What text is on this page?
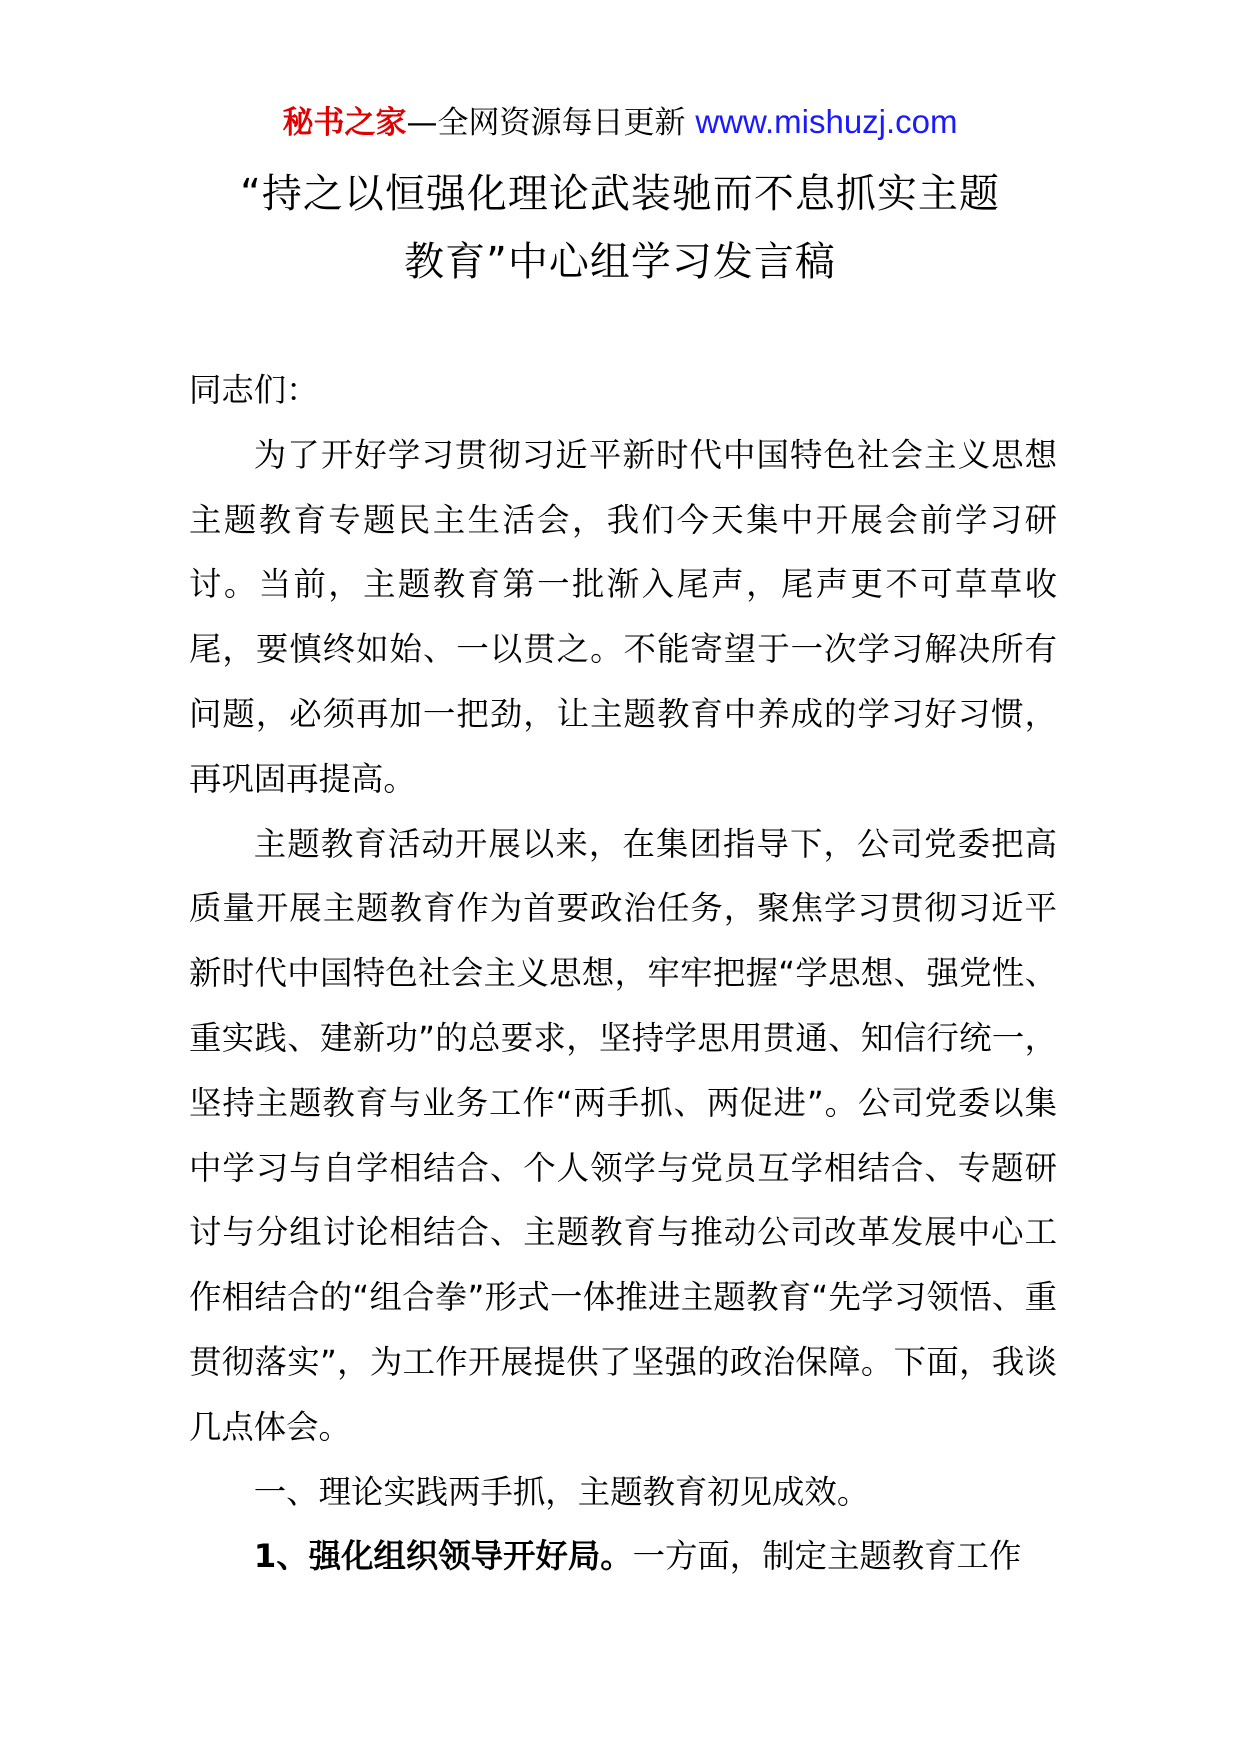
秘书之家—全网资源每日更新 www.mishuzj.com
“持之以恒强化理论武装驰而不息抓实主题
教育”中心组学习发言稿

同志们：

为了开好学习贯彻习近平新时代中国特色社会主义思想主题教育专题民主生活会，我们今天集中开展会前学习研讨。当前，主题教育第一批渐入尾声，尾声更不可草草收尾，要慎终如始、一以贯之。不能寄望于一次学习解决所有问题，必须再加一把劲，让主题教育中养成的学习好习惯，再巩固再提高。

主题教育活动开展以来，在集团指导下，公司党委把高质量开展主题教育作为首要政治任务，聚焦学习贯彻习近平新时代中国特色社会主义思想，牢牢把握“学思想、强党性、重实践、建新功”的总要求，坚持学思用贯通、知信行统一，坚持主题教育与业务工作“两手抓、两促进”。公司党委以集中学习与自学相结合、个人领学与党员互学相结合、专题研讨与分组讨论相结合、主题教育与推动公司改革发展中心工作相结合的“组合拳”形式一体推进主题教育“先学习领悟、重贯彻落实”，为工作开展提供了坚强的政治保障。下面，我谈几点体会。

一、理论实践两手抓，主题教育初见成效。

1、强化组织领导开好局。一方面，制定主题教育工作
